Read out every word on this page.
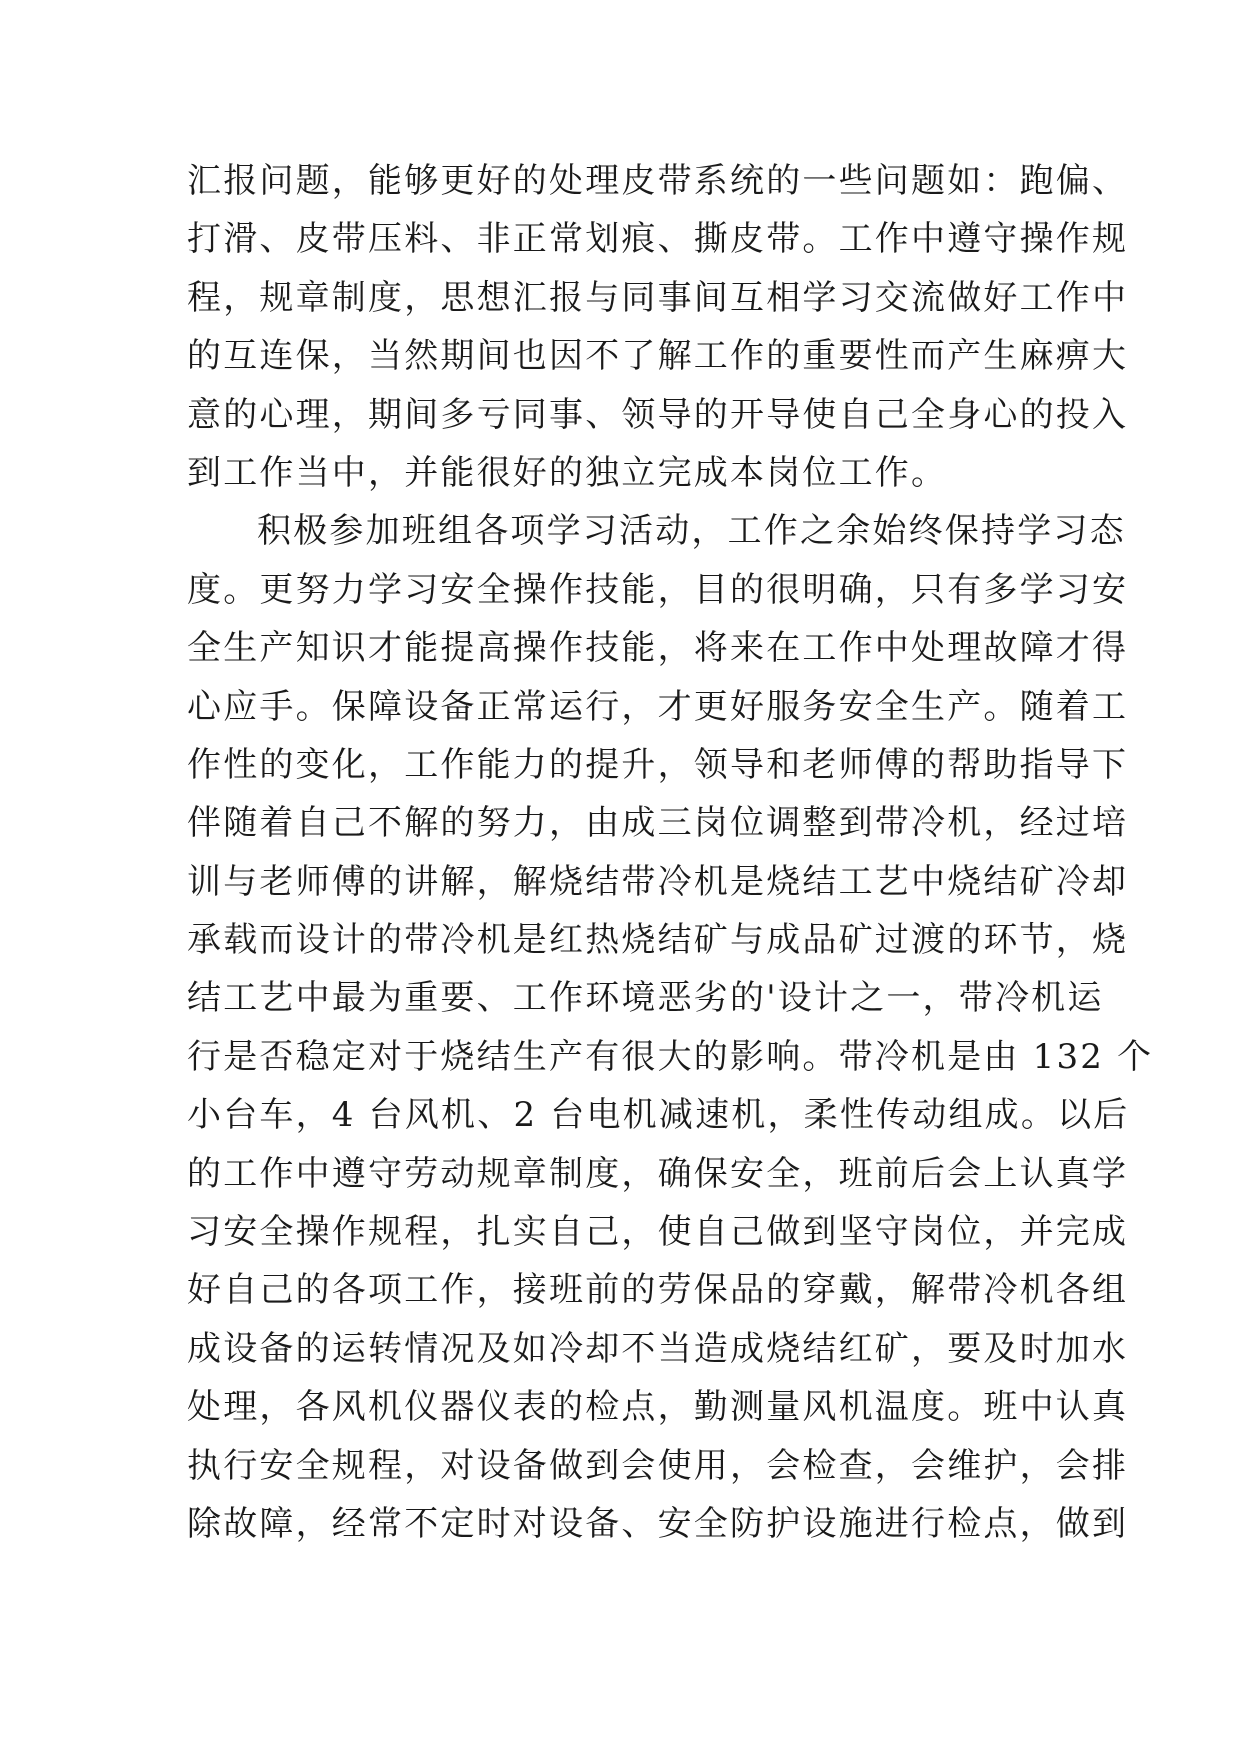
汇报问题，能够更好的处理皮带系统的一些问题如：跑偏、
打滑、皮带压料、非正常划痕、撕皮带。工作中遵守操作规
程，规章制度，思想汇报与同事间互相学习交流做好工作中
的互连保，当然期间也因不了解工作的重要性而产生麻痹大
意的心理，期间多亏同事、领导的开导使自己全身心的投入
到工作当中，并能很好的独立完成本岗位工作。
积极参加班组各项学习活动，工作之余始终保持学习态
度。更努力学习安全操作技能，目的很明确，只有多学习安
全生产知识才能提高操作技能，将来在工作中处理故障才得
心应手。保障设备正常运行，才更好服务安全生产。随着工
作性的变化，工作能力的提升，领导和老师傅的帮助指导下
伴随着自己不解的努力，由成三岗位调整到带冷机，经过培
训与老师傅的讲解，解烧结带冷机是烧结工艺中烧结矿冷却
承载而设计的带冷机是红热烧结矿与成品矿过渡的环节，烧
结工艺中最为重要、工作环境恶劣的'设计之一，带冷机运
行是否稳定对于烧结生产有很大的影响。带冷机是由 132 个
小台车，4 台风机、2 台电机减速机，柔性传动组成。以后
的工作中遵守劳动规章制度，确保安全，班前后会上认真学
习安全操作规程，扎实自己，使自己做到坚守岗位，并完成
好自己的各项工作，接班前的劳保品的穿戴，解带冷机各组
成设备的运转情况及如冷却不当造成烧结红矿，要及时加水
处理，各风机仪器仪表的检点，勤测量风机温度。班中认真
执行安全规程，对设备做到会使用，会检查，会维护，会排
除故障，经常不定时对设备、安全防护设施进行检点，做到
